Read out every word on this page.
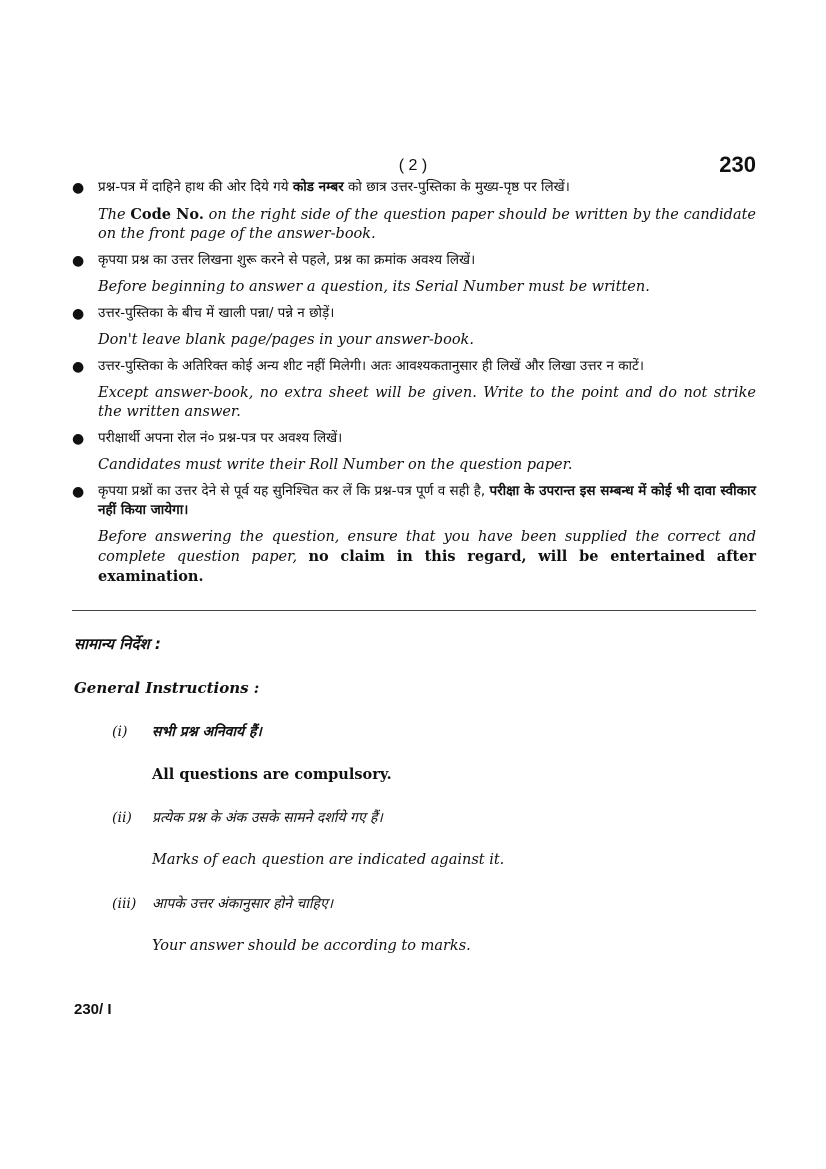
( 2 )	230
● प्रश्न-पत्र में दाहिने हाथ की ओर दिये गये कोड नम्बर को छात्र उत्तर-पुस्तिका के मुख्य-पृष्ठ पर लिखें।

The Code No. on the right side of the question paper should be written by the candidate on the front page of the answer-book.

● कृपया प्रश्न का उत्तर लिखना शुरू करने से पहले, प्रश्न का क्रमांक अवश्य लिखें।

Before beginning to answer a question, its Serial Number must be written.

● उत्तर-पुस्तिका के बीच में खाली पन्ना/ पन्ने न छोड़ें।

Don't leave blank page/pages in your answer-book.

● उत्तर-पुस्तिका के अतिरिक्त कोई अन्य शीट नहीं मिलेगी। अतः आवश्यकतानुसार ही लिखें और लिखा उत्तर न काटें।

Except answer-book, no extra sheet will be given. Write to the point and do not strike the written answer.

● परीक्षार्थी अपना रोल नं० प्रश्न-पत्र पर अवश्य लिखें।

Candidates must write their Roll Number on the question paper.

● कृपया प्रश्नों का उत्तर देने से पूर्व यह सुनिश्चित कर लें कि प्रश्न-पत्र पूर्ण व सही है, परीक्षा के उपरान्त इस सम्बन्ध में कोई भी दावा स्वीकार नहीं किया जायेगा।

Before answering the question, ensure that you have been supplied the correct and complete question paper, no claim in this regard, will be entertained after examination.

सामान्य निर्देश :
General Instructions :
(i)	सभी प्रश्न अनिवार्य हैं।
All questions are compulsory.
(ii)	प्रत्येक प्रश्न के अंक उसके सामने दर्शाये गए हैं।
Marks of each question are indicated against it.
(iii)	आपके उत्तर अंकानुसार होने चाहिए।
Your answer should be according to marks.
230/ I
